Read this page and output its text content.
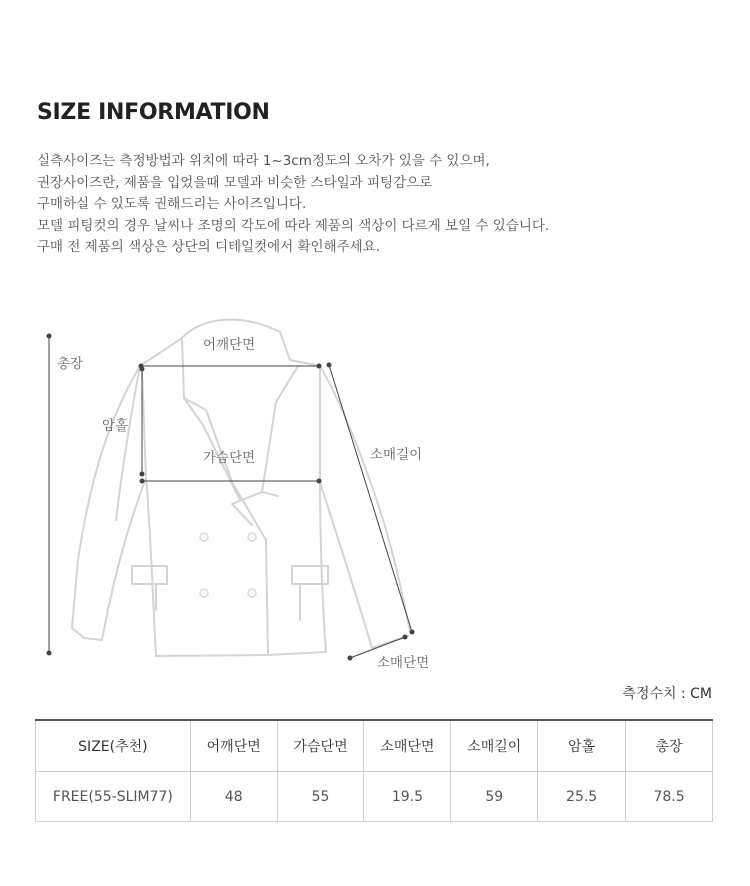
SIZE INFORMATION
실측사이즈는 측정방법과 위치에 따라 1~3cm정도의 오차가 있을 수 있으며,
권장사이즈란, 제품을 입었을때 모델과 비슷한 스타일과 피팅감으로
구매하실 수 있도록 권해드리는 사이즈입니다.
모델 피팅컷의 경우 날씨나 조명의 각도에 따라 제품의 색상이 다르게 보일 수 있습니다.
구매 전 제품의 색상은 상단의 디테일컷에서 확인해주세요.
총장
암홀
어깨단면
가슴단면	소매길이
소매단면
측정수치 : CM
SIZE(추천)	어깨단면	가슴단면	소매단면	소매길이	암홀	총장
FREE(55-SLIM77)	48	55	19.5	59	25.5	78.5
